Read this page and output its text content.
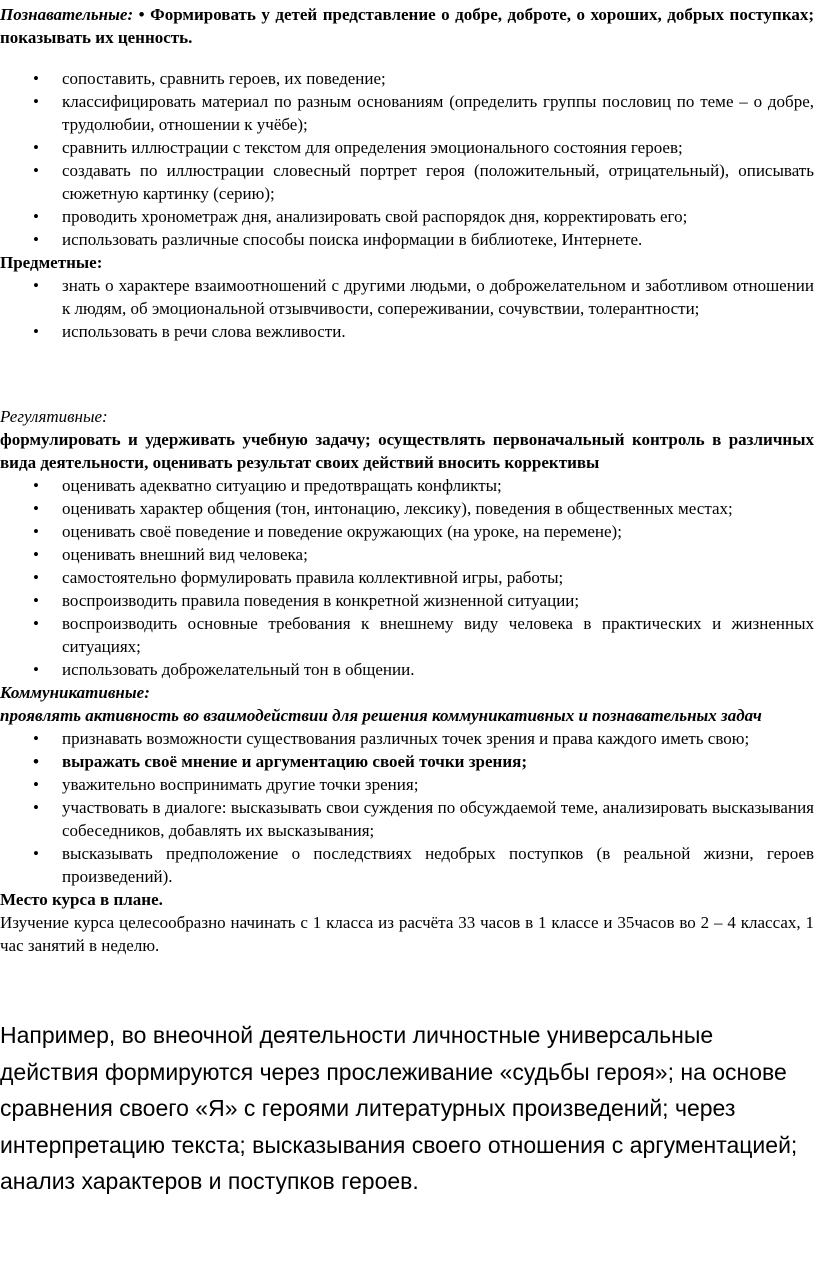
Познавательные: • Формировать у детей представление о добре, доброте, о хороших, добрых поступках; показывать их ценность.

• сопоставить, сравнить героев, их поведение;
• классифицировать материал по разным основаниям (определить группы пословиц по теме – о добре, трудолюбии, отношении к учёбе);
• сравнить иллюстрации с текстом для определения эмоционального состояния героев;
• создавать по иллюстрации словесный портрет героя (положительный, отрицательный), описывать сюжетную картинку (серию);
• проводить хронометраж дня, анализировать свой распорядок дня, корректировать его;
• использовать различные способы поиска информации в библиотеке, Интернете.

Предметные:

• знать о характере взаимоотношений с другими людьми, о доброжелательном и заботливом отношении к людям, об эмоциональной отзывчивости, сопереживании, сочувствии, толерантности;
• использовать в речи слова вежливости.

Регулятивные:

формулировать и удерживать учебную задачу; осуществлять первоначальный контроль в различных вида деятельности, оценивать результат своих действий вносить коррективы

• оценивать адекватно ситуацию и предотвращать конфликты;
• оценивать характер общения (тон, интонацию, лексику), поведения в общественных местах;
• оценивать своё поведение и поведение окружающих (на уроке, на перемене);
• оценивать внешний вид человека;
• самостоятельно формулировать правила коллективной игры, работы;
• воспроизводить правила поведения в конкретной жизненной ситуации;
• воспроизводить основные требования к внешнему виду человека в практических и жизненных ситуациях;
• использовать доброжелательный тон в общении.

Коммуникативные:

проявлять активность во взаимодействии для решения коммуникативных и познавательных задач

• признавать возможности существования различных точек зрения и права каждого иметь свою;
• выражать своё мнение и аргументацию своей точки зрения;
• уважительно воспринимать другие точки зрения;
• участвовать в диалоге: высказывать свои суждения по обсуждаемой теме, анализировать высказывания собеседников, добавлять их высказывания;
• высказывать предположение о последствиях недобрых поступков (в реальной жизни, героев произведений).

Место курса в плане.

Изучение курса целесообразно начинать с 1 класса из расчёта 33 часов в 1 классе и 35часов во 2 – 4 классах, 1 час занятий в неделю.

Например, во внеочной деятельности личностные универсальные действия формируются через прослеживание «судьбы героя»; на основе сравнения своего «Я» с героями литературных произведений; через интерпретацию текста; высказывания своего отношения с аргументацией; анализ характеров и поступков героев.
